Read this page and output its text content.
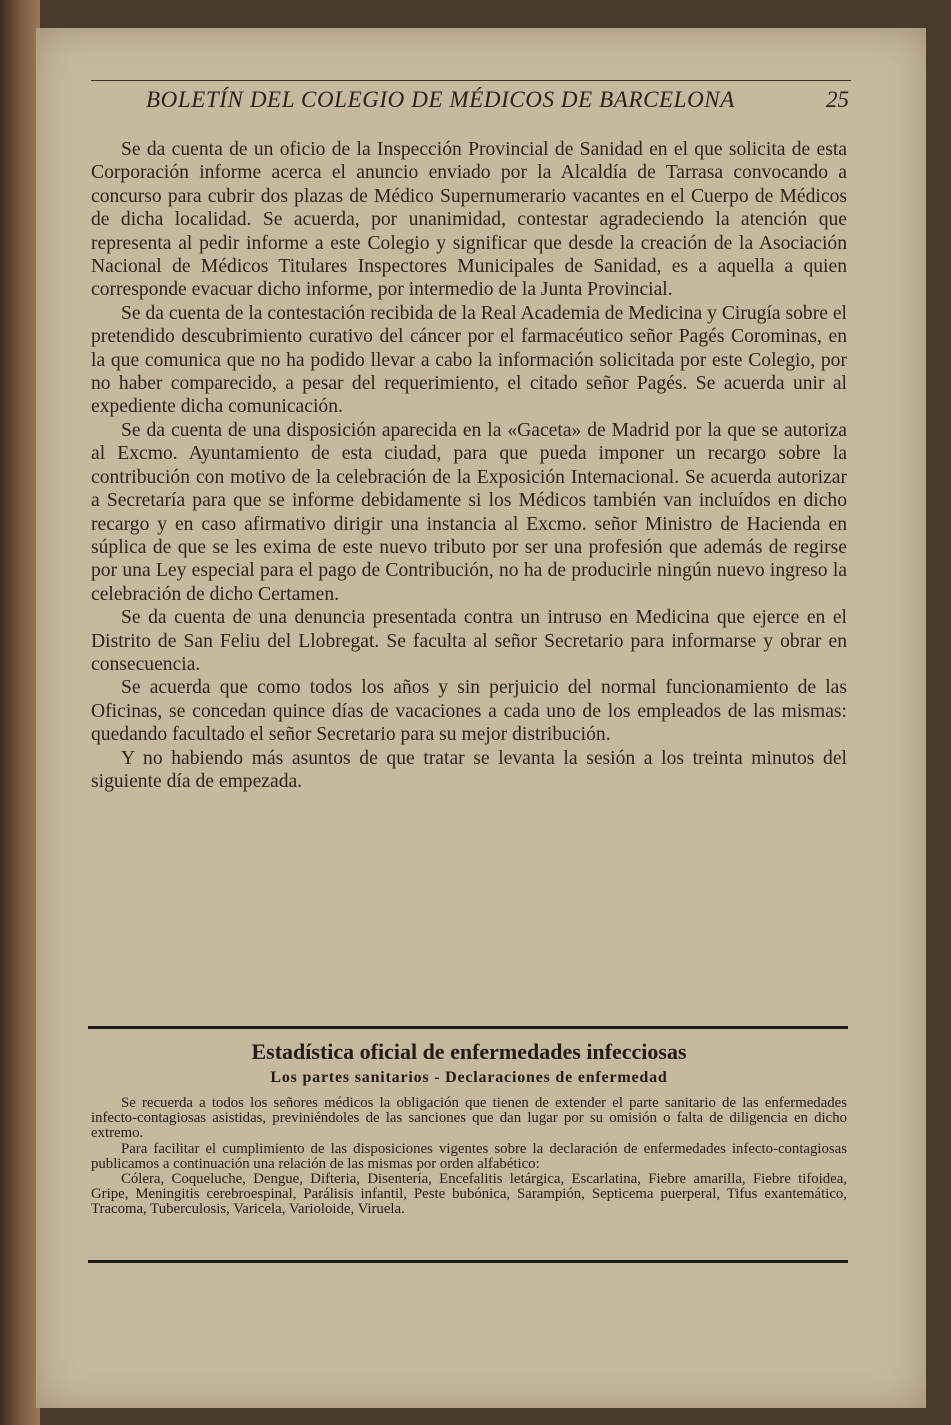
BOLETÍN DEL COLEGIO DE MÉDICOS DE BARCELONA	25

Se da cuenta de un oficio de la Inspección Provincial de Sanidad en el que solicita de esta Corporación informe acerca el anuncio enviado por la Alcaldía de Tarrasa convocando a concurso para cubrir dos plazas de Médico Supernumerario vacantes en el Cuerpo de Médicos de dicha localidad. Se acuerda, por unanimidad, contestar agradeciendo la atención que representa al pedir informe a este Colegio y significar que desde la creación de la Asociación Nacional de Médicos Titulares Inspectores Municipales de Sanidad, es a aquella a quien corresponde evacuar dicho informe, por intermedio de la Junta Provincial.

Se da cuenta de la contestación recibida de la Real Academia de Medicina y Cirugía sobre el pretendido descubrimiento curativo del cáncer por el farmacéutico señor Pagés Corominas, en la que comunica que no ha podido llevar a cabo la información solicitada por este Colegio, por no haber comparecido, a pesar del requerimiento, el citado señor Pagés. Se acuerda unir al expediente dicha comunicación.

Se da cuenta de una disposición aparecida en la «Gaceta» de Madrid por la que se autoriza al Excmo. Ayuntamiento de esta ciudad, para que pueda imponer un recargo sobre la contribución con motivo de la celebración de la Exposición Internacional. Se acuerda autorizar a Secretaría para que se informe debidamente si los Médicos también van incluídos en dicho recargo y en caso afirmativo dirigir una instancia al Excmo. señor Ministro de Hacienda en súplica de que se les exima de este nuevo tributo por ser una profesión que además de regirse por una Ley especial para el pago de Contribución, no ha de producirle ningún nuevo ingreso la celebración de dicho Certamen.

Se da cuenta de una denuncia presentada contra un intruso en Medicina que ejerce en el Distrito de San Feliu del Llobregat. Se faculta al señor Secretario para informarse y obrar en consecuencia.

Se acuerda que como todos los años y sin perjuicio del normal funcionamiento de las Oficinas, se concedan quince días de vacaciones a cada uno de los empleados de las mismas: quedando facultado el señor Secretario para su mejor distribución.

Y no habiendo más asuntos de que tratar se levanta la sesión a los treinta minutos del siguiente día de empezada.

Estadística oficial de enfermedades infecciosas
Los partes sanitarios - Declaraciones de enfermedad

Se recuerda a todos los señores médicos la obligación que tienen de extender el parte sanitario de las enfermedades infecto-contagiosas asistidas, previniéndoles de las sanciones que dan lugar por su omisión o falta de diligencia en dicho extremo.

Para facilitar el cumplimiento de las disposiciones vigentes sobre la declaración de enfermedades infecto-contagiosas publicamos a continuación una relación de las mismas por orden alfabético:

Cólera, Coqueluche, Dengue, Difteria, Disentería, Encefalitis letárgica, Escarlatina, Fiebre amarilla, Fiebre tifoidea, Gripe, Meningitis cerebroespinal, Parálisis infantil, Peste bubónica, Sarampión, Septicema puerperal, Tifus exantemático, Tracoma, Tuberculosis, Varicela, Varioloide, Viruela.
